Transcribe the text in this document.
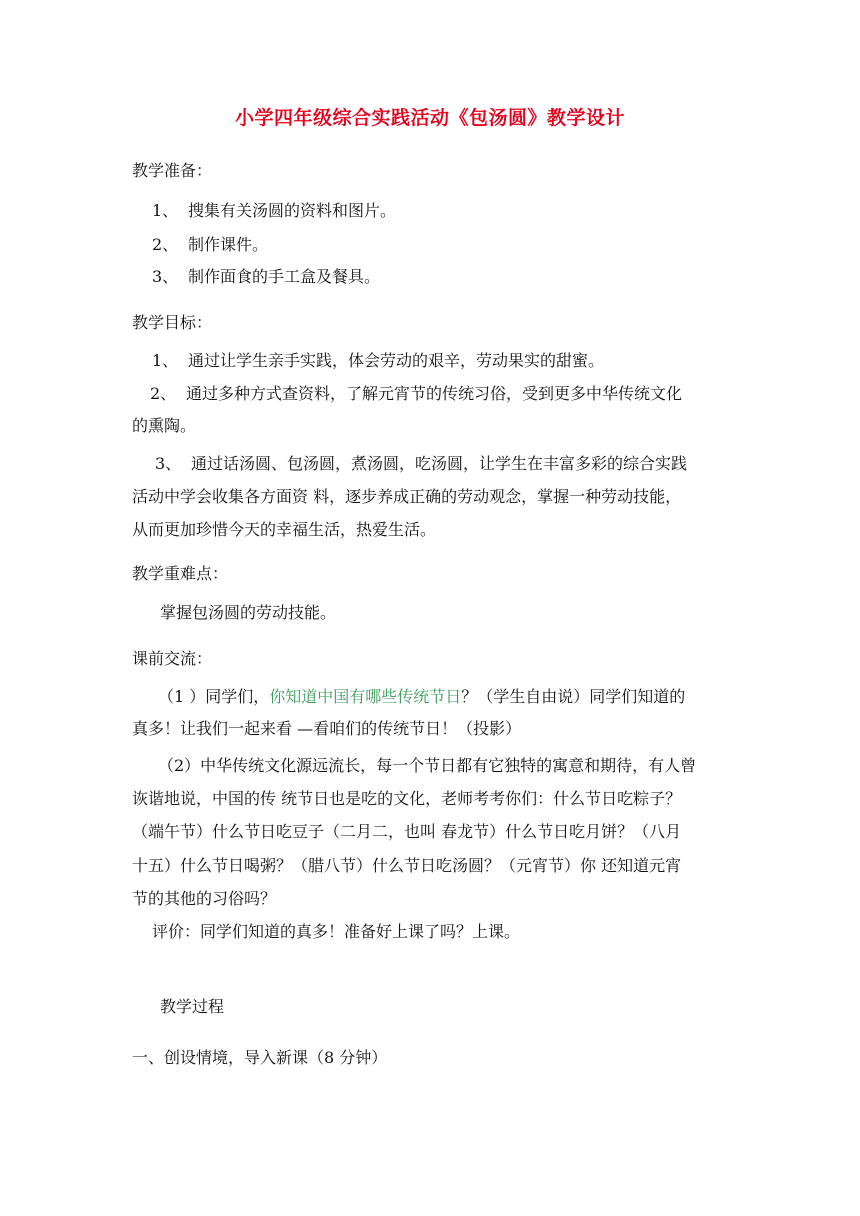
小学四年级综合实践活动《包汤圆》教学设计
教学准备：
1、 搜集有关汤圆的资料和图片。
2、 制作课件。
3、 制作面食的手工盒及餐具。
教学目标：
1、 通过让学生亲手实践，体会劳动的艰辛，劳动果实的甜蜜。
2、 通过多种方式查资料，了解元宵节的传统习俗，受到更多中华传统文化
的熏陶。
3、 通过话汤圆、包汤圆，煮汤圆，吃汤圆，让学生在丰富多彩的综合实践
活动中学会收集各方面资 料，逐步养成正确的劳动观念，掌握一种劳动技能，
从而更加珍惜今天的幸福生活，热爱生活。
教学重难点：
掌握包汤圆的劳动技能。
课前交流：
（1 ）同学们，你知道中国有哪些传统节日？（学生自由说）同学们知道的
真多！让我们一起来看 —看咱们的传统节日！（投影）
（2）中华传统文化源远流长，每一个节日都有它独特的寓意和期待，有人曾
诙谐地说，中国的传 统节日也是吃的文化，老师考考你们：什么节日吃粽子？
（端午节）什么节日吃豆子（二月二，也叫 春龙节）什么节日吃月饼？（八月
十五）什么节日喝粥？（腊八节）什么节日吃汤圆？（元宵节）你 还知道元宵
节的其他的习俗吗？
评价：同学们知道的真多！准备好上课了吗？上课。
教学过程
一、创设情境，导入新课（8 分钟）
